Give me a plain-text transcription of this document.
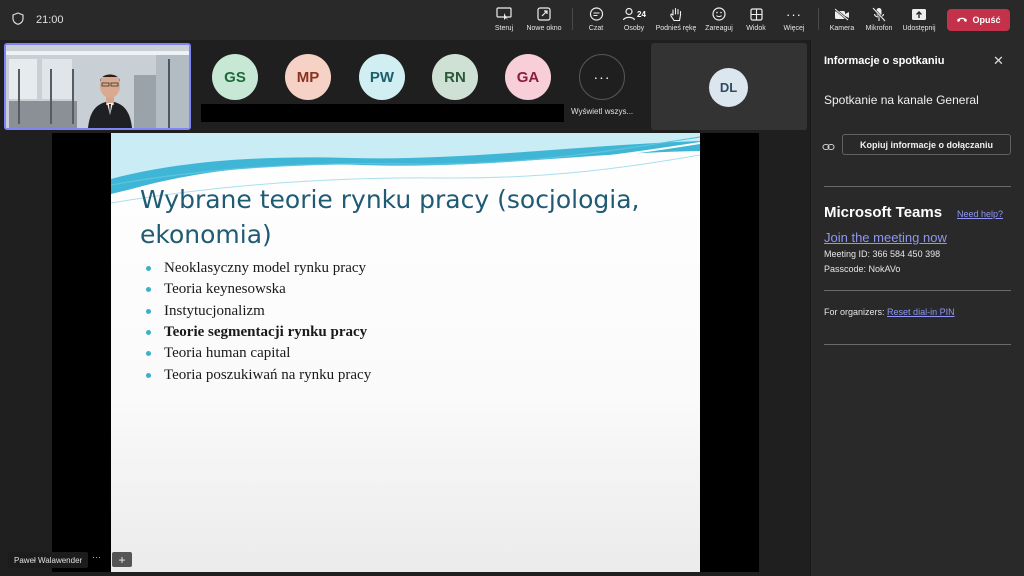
21:00
Steruj Nowe okno	Czat
24
Osoby Podnieś rękę Zareaguj Widok
···
Więcej	Kamera Mikrofon Udostępnij
Opuść
GS	MP	PW	RN	GA	···
Wyświetl wszys...
DL
Wybrane teorie rynku pracy (socjologia, ekonomia)
Neoklasyczny model rynku pracy
Teoria keynesowska
Instytucjonalizm
Teorie segmentacji rynku pracy
Teoria human capital
Teoria poszukiwań na rynku pracy
Paweł Walawender	···	+
Informacje o spotkaniu	✕
Spotkanie na kanale General
Kopiuj informacje o dołączaniu
Microsoft Teams Need help?
Join the meeting now
Meeting ID: 366 584 450 398
Passcode: NokAVo
For organizers: Reset dial-in PIN
